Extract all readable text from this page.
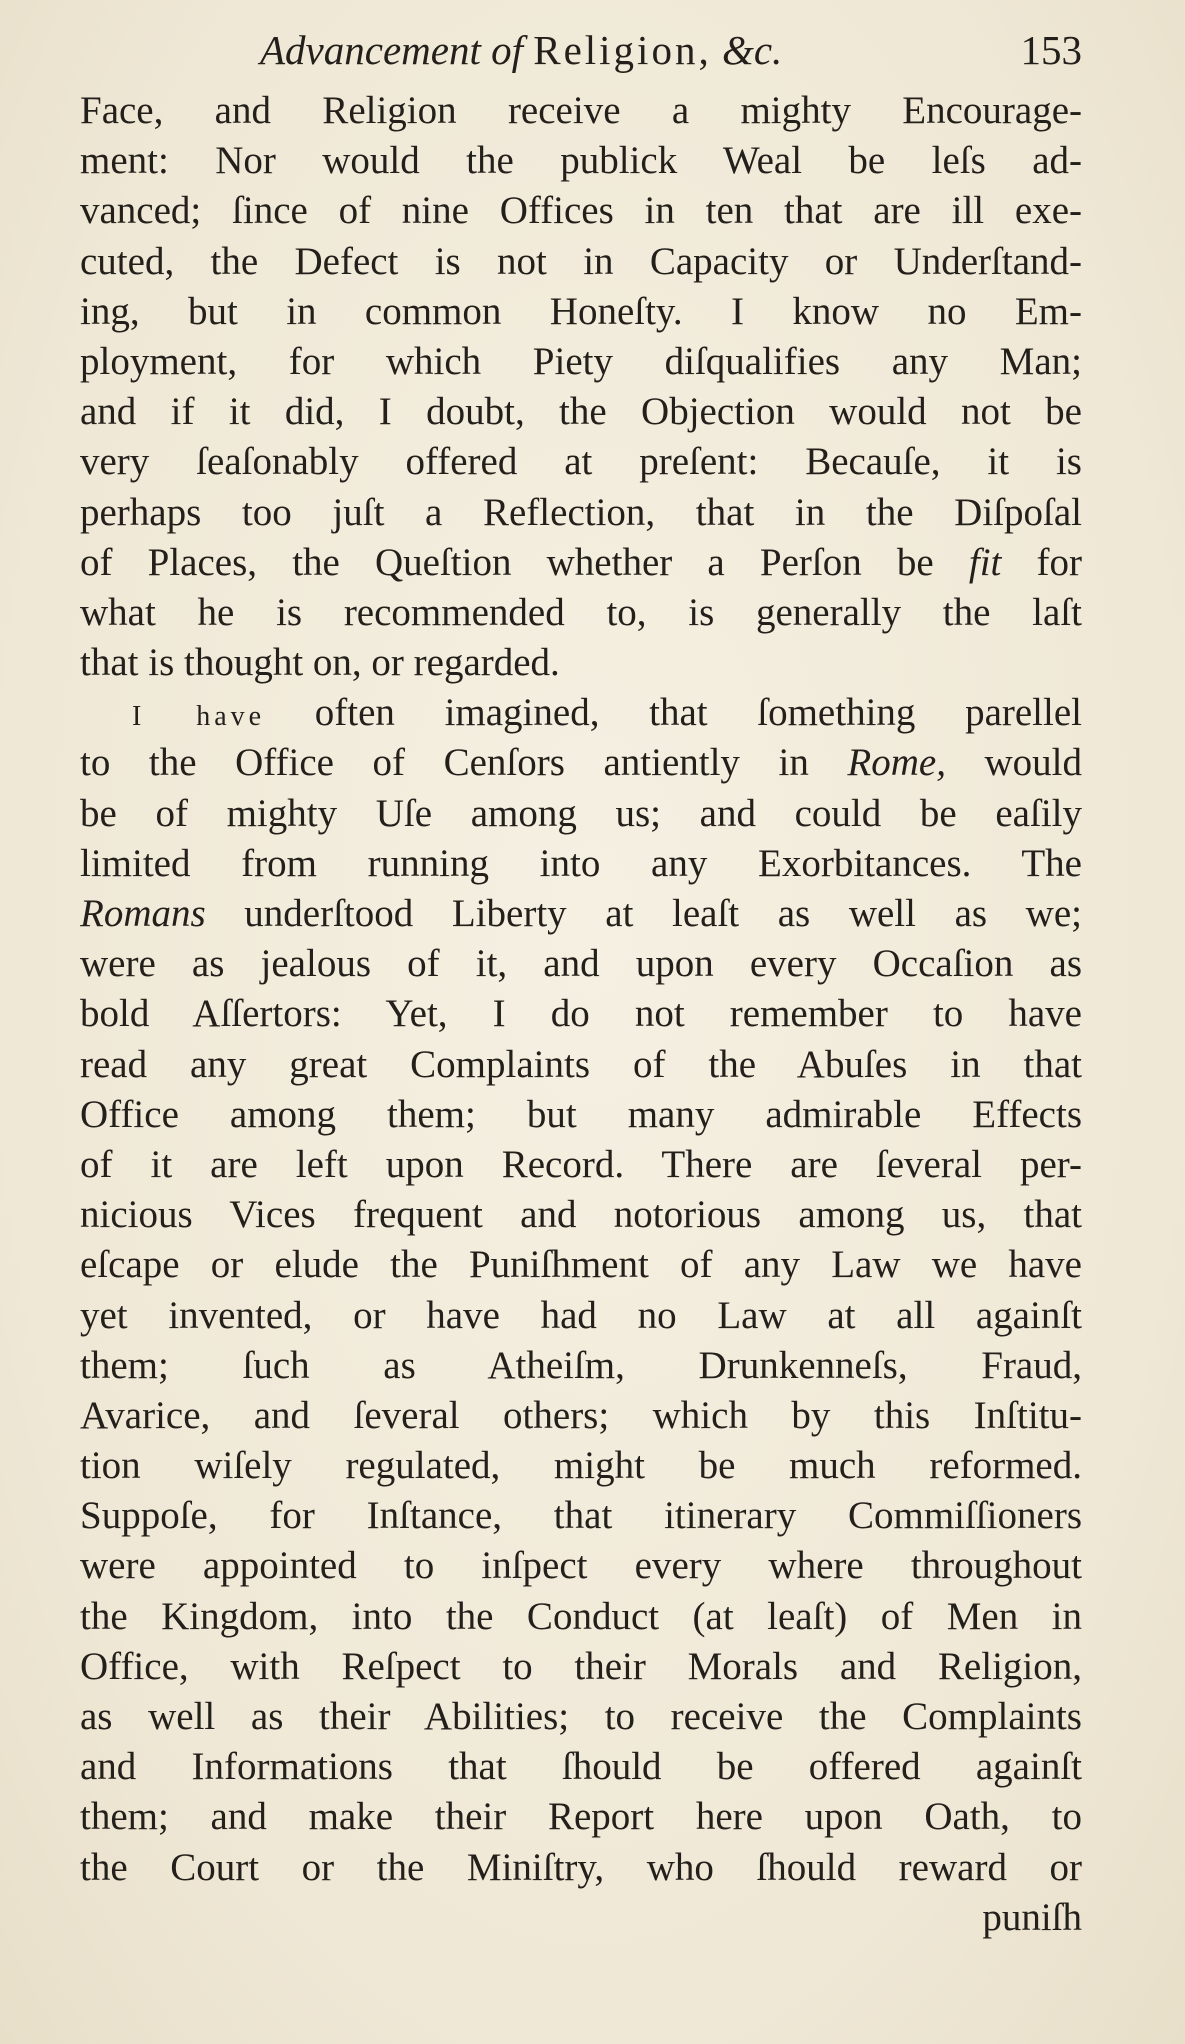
Advancement of Religion, &c.	153
Face, and Religion receive a mighty Encourage-
ment: Nor would the publick Weal be leſs ad-
vanced; ſince of nine Offices in ten that are ill exe-
cuted, the Defect is not in Capacity or Underſtand-
ing, but in common Honeſty. I know no Em-
ployment, for which Piety diſqualifies any Man;
and if it did, I doubt, the Objection would not be
very ſeaſonably offered at preſent: Becauſe, it is
perhaps too juſt a Reflection, that in the Diſpoſal
of Places, the Queſtion whether a Perſon be fit for
what he is recommended to, is generally the laſt
that is thought on, or regarded.
I have often imagined, that ſomething parellel
to the Office of Cenſors antiently in Rome, would
be of mighty Uſe among us; and could be eaſily
limited from running into any Exorbitances. The
Romans underſtood Liberty at leaſt as well as we;
were as jealous of it, and upon every Occaſion as
bold Aſſertors: Yet, I do not remember to have
read any great Complaints of the Abuſes in that
Office among them; but many admirable Effects
of it are left upon Record. There are ſeveral per-
nicious Vices frequent and notorious among us, that
eſcape or elude the Puniſhment of any Law we have
yet invented, or have had no Law at all againſt
them; ſuch as Atheiſm, Drunkenneſs, Fraud,
Avarice, and ſeveral others; which by this Inſtitu-
tion wiſely regulated, might be much reformed.
Suppoſe, for Inſtance, that itinerary Commiſſioners
were appointed to inſpect every where throughout
the Kingdom, into the Conduct (at leaſt) of Men in
Office, with Reſpect to their Morals and Religion,
as well as their Abilities; to receive the Complaints
and Informations that ſhould be offered againſt
them; and make their Report here upon Oath, to
the Court or the Miniſtry, who ſhould reward or
puniſh
